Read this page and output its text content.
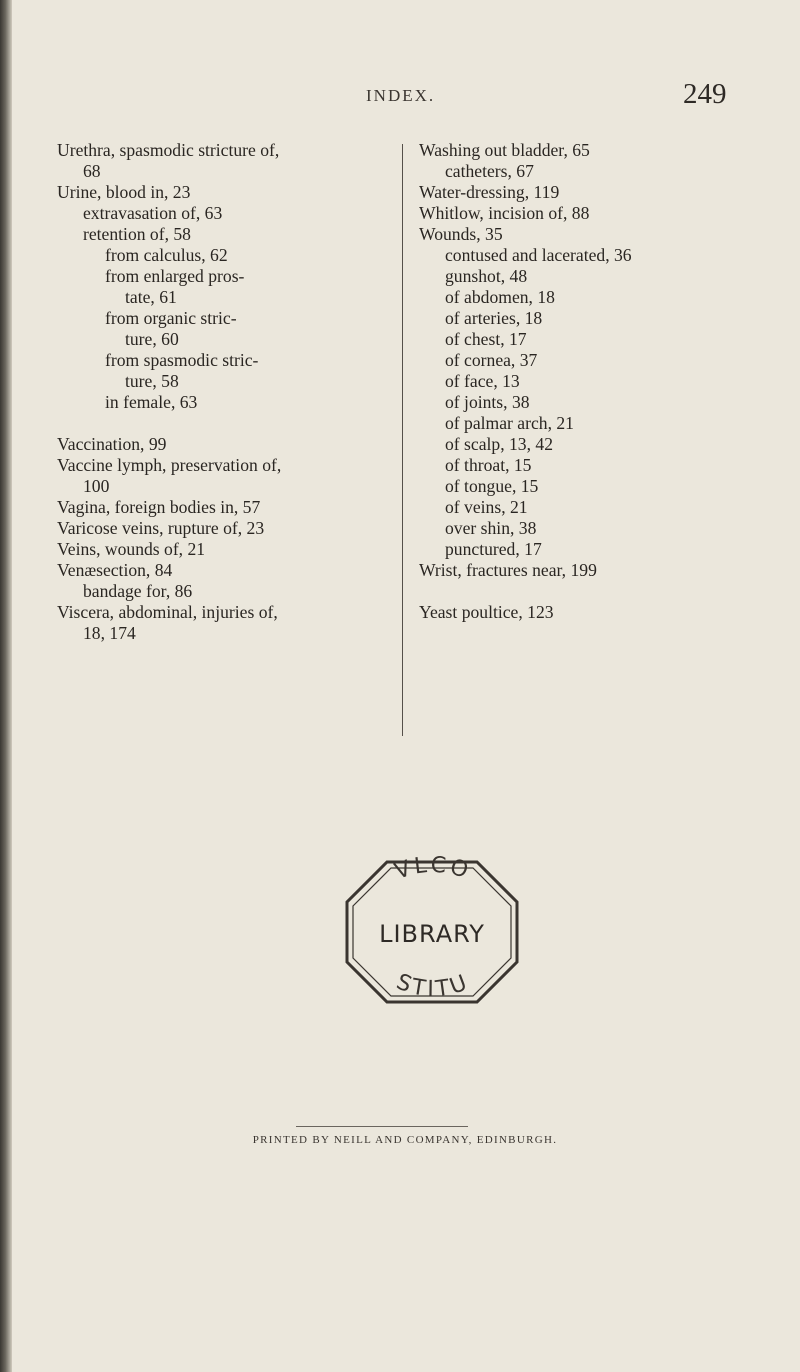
INDEX.	249
Urethra, spasmodic stricture of,
68
Urine, blood in, 23
extravasation of, 63
retention of, 58
from calculus, 62
from enlarged pros-
tate, 61
from organic stric-
ture, 60
from spasmodic stric-
ture, 58
in female, 63
Vaccination, 99
Vaccine lymph, preservation of,
100
Vagina, foreign bodies in, 57
Varicose veins, rupture of, 23
Veins, wounds of, 21
Venæsection, 84
bandage for, 86
Viscera, abdominal, injuries of,
18, 174
Washing out bladder, 65
catheters, 67
Water-dressing, 119
Whitlow, incision of, 88
Wounds, 35
contused and lacerated, 36
gunshot, 48
of abdomen, 18
of arteries, 18
of chest, 17
of cornea, 37
of face, 13
of joints, 38
of palmar arch, 21
of scalp, 13, 42
of throat, 15
of tongue, 15
of veins, 21
over shin, 38
punctured, 17
Wrist, fractures near, 199
Yeast poultice, 123
VLCO
STITU
LIBRARY
PRINTED BY NEILL AND COMPANY, EDINBURGH.
